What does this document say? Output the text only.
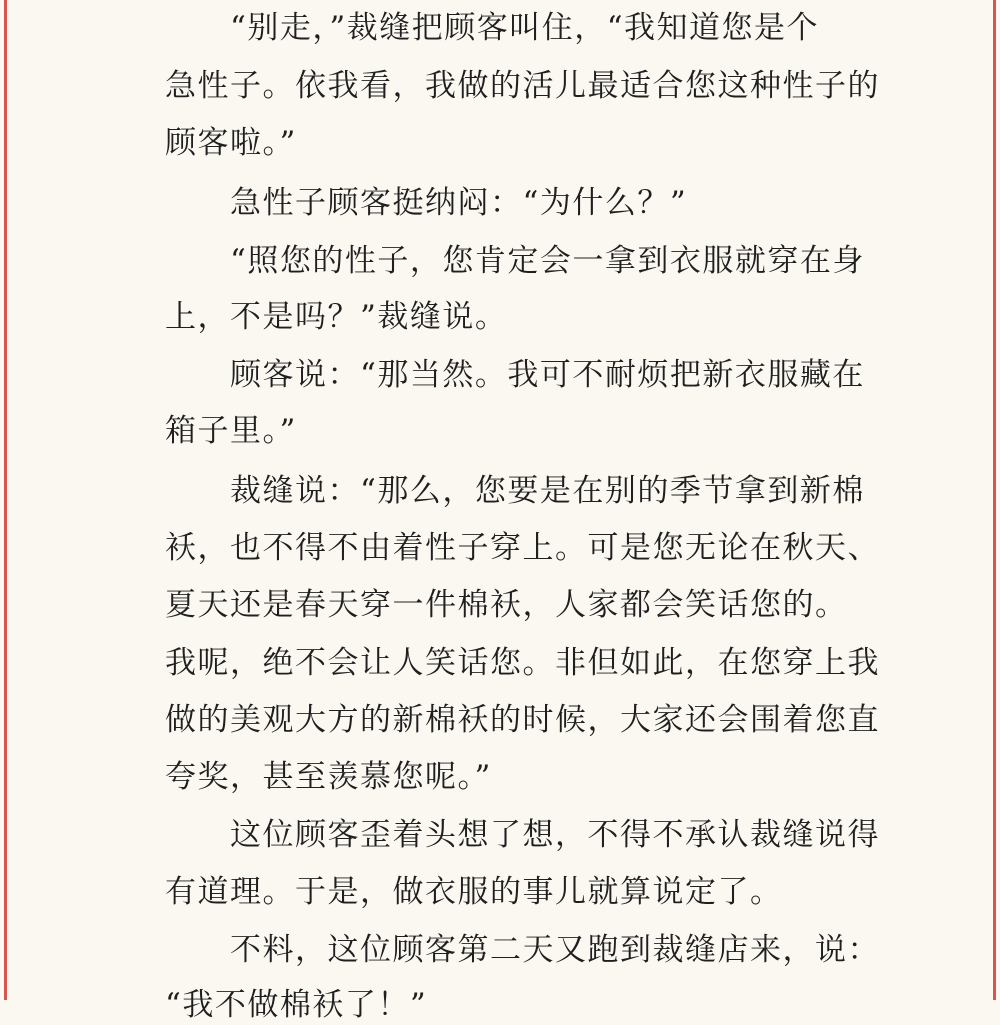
“别走，”裁缝把顾客叫住，“我知道您是个
急性子。依我看，我做的活儿最适合您这种性子的
顾客啦。”
急性子顾客挺纳闷：“为什么？”
“照您的性子，您肯定会一拿到衣服就穿在身
上，不是吗？”裁缝说。
顾客说：“那当然。我可不耐烦把新衣服藏在
箱子里。”
裁缝说：“那么，您要是在别的季节拿到新棉
袄，也不得不由着性子穿上。可是您无论在秋天、
夏天还是春天穿一件棉袄，人家都会笑话您的。
我呢，绝不会让人笑话您。非但如此，在您穿上我
做的美观大方的新棉袄的时候，大家还会围着您直
夸奖，甚至羡慕您呢。”
这位顾客歪着头想了想，不得不承认裁缝说得
有道理。于是，做衣服的事儿就算说定了。
不料，这位顾客第二天又跑到裁缝店来，说：
“我不做棉袄了！”
